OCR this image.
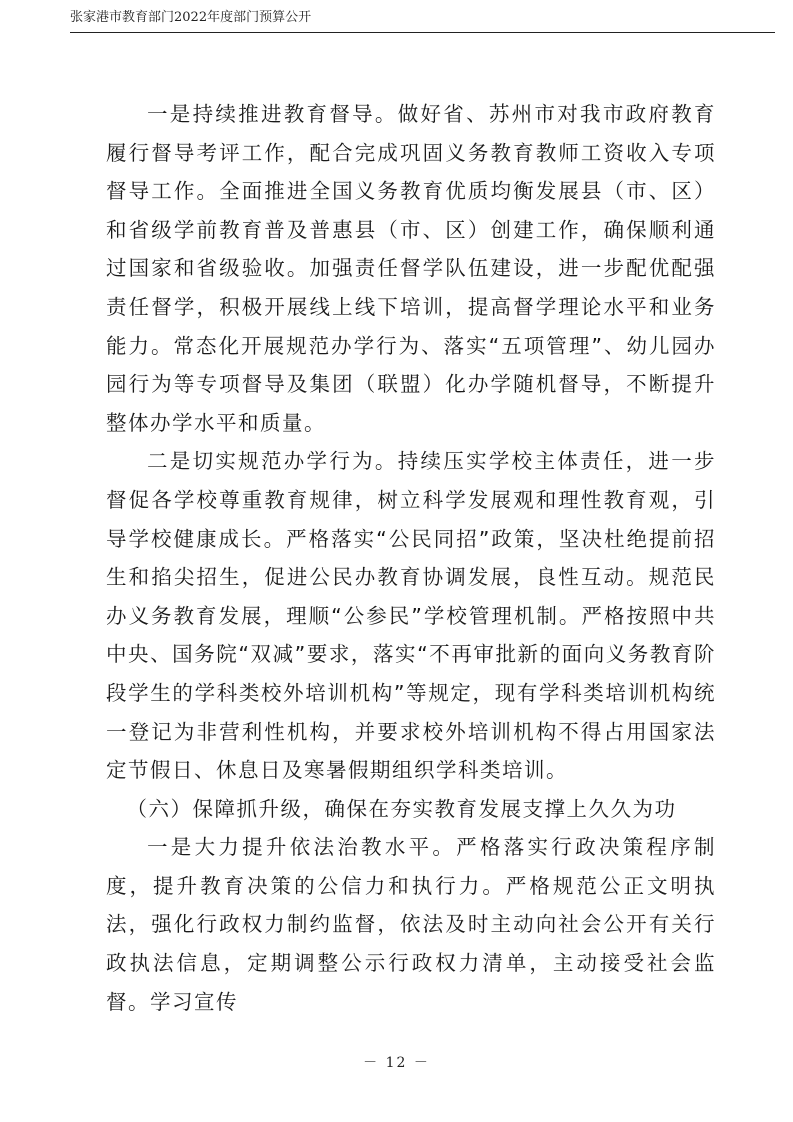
张家港市教育部门2022年度部门预算公开

一是持续推进教育督导。做好省、苏州市对我市政府教育履行督导考评工作，配合完成巩固义务教育教师工资收入专项督导工作。全面推进全国义务教育优质均衡发展县（市、区）和省级学前教育普及普惠县（市、区）创建工作，确保顺利通过国家和省级验收。加强责任督学队伍建设，进一步配优配强责任督学，积极开展线上线下培训，提高督学理论水平和业务能力。常态化开展规范办学行为、落实“五项管理”、幼儿园办园行为等专项督导及集团（联盟）化办学随机督导，不断提升整体办学水平和质量。

二是切实规范办学行为。持续压实学校主体责任，进一步督促各学校尊重教育规律，树立科学发展观和理性教育观，引导学校健康成长。严格落实“公民同招”政策，坚决杜绝提前招生和掐尖招生，促进公民办教育协调发展，良性互动。规范民办义务教育发展，理顺“公参民”学校管理机制。严格按照中共中央、国务院“双减”要求，落实“不再审批新的面向义务教育阶段学生的学科类校外培训机构”等规定，现有学科类培训机构统一登记为非营利性机构，并要求校外培训机构不得占用国家法定节假日、休息日及寒暑假期组织学科类培训。

（六）保障抓升级，确保在夯实教育发展支撑上久久为功

一是大力提升依法治教水平。严格落实行政决策程序制度，提升教育决策的公信力和执行力。严格规范公正文明执法，强化行政权力制约监督，依法及时主动向社会公开有关行政执法信息，定期调整公示行政权力清单，主动接受社会监督。学习宣传

－ 12 －
